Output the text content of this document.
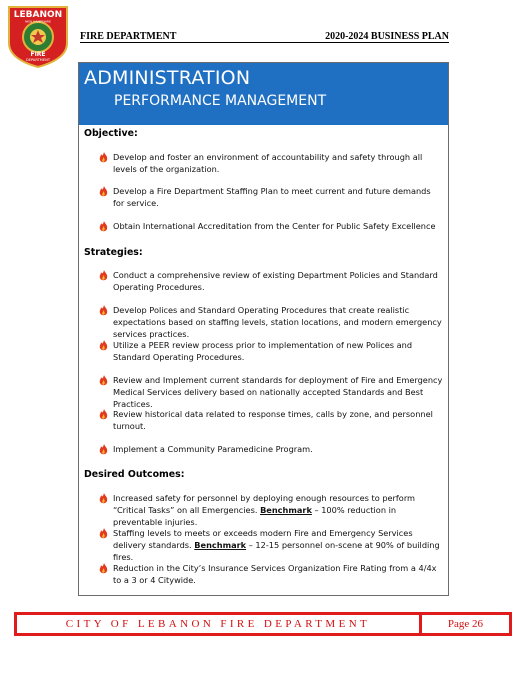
LEBANON
NEW HAMPSHIRE
FIRE
DEPARTMENT
FIRE DEPARTMENT	2020-2024 BUSINESS PLAN
ADMINISTRATION
PERFORMANCE MANAGEMENT
Objective:
Develop and foster an environment of accountability and safety through all levels of the organization.
Develop a Fire Department Staffing Plan to meet current and future demands for service.
Obtain International Accreditation from the Center for Public Safety Excellence
Strategies:
Conduct a comprehensive review of existing Department Policies and Standard Operating Procedures.
Develop Polices and Standard Operating Procedures that create realistic expectations based on staffing levels, station locations, and modern emergency services practices.
Utilize a PEER review process prior to implementation of new Polices and Standard Operating Procedures.
Review and Implement current standards for deployment of Fire and Emergency Medical Services delivery based on nationally accepted Standards and Best Practices.
Review historical data related to response times, calls by zone, and personnel turnout.
Implement a Community Paramedicine Program.
Desired Outcomes:
Increased safety for personnel by deploying enough resources to perform “Critical Tasks” on all Emergencies. Benchmark – 100% reduction in preventable injuries.
Staffing levels to meets or exceeds modern Fire and Emergency Services delivery standards. Benchmark – 12-15 personnel on-scene at 90% of building fires.
Reduction in the City’s Insurance Services Organization Fire Rating from a 4/4x to a 3 or 4 Citywide.
CITY OF LEBANON FIRE DEPARTMENT	Page 26
